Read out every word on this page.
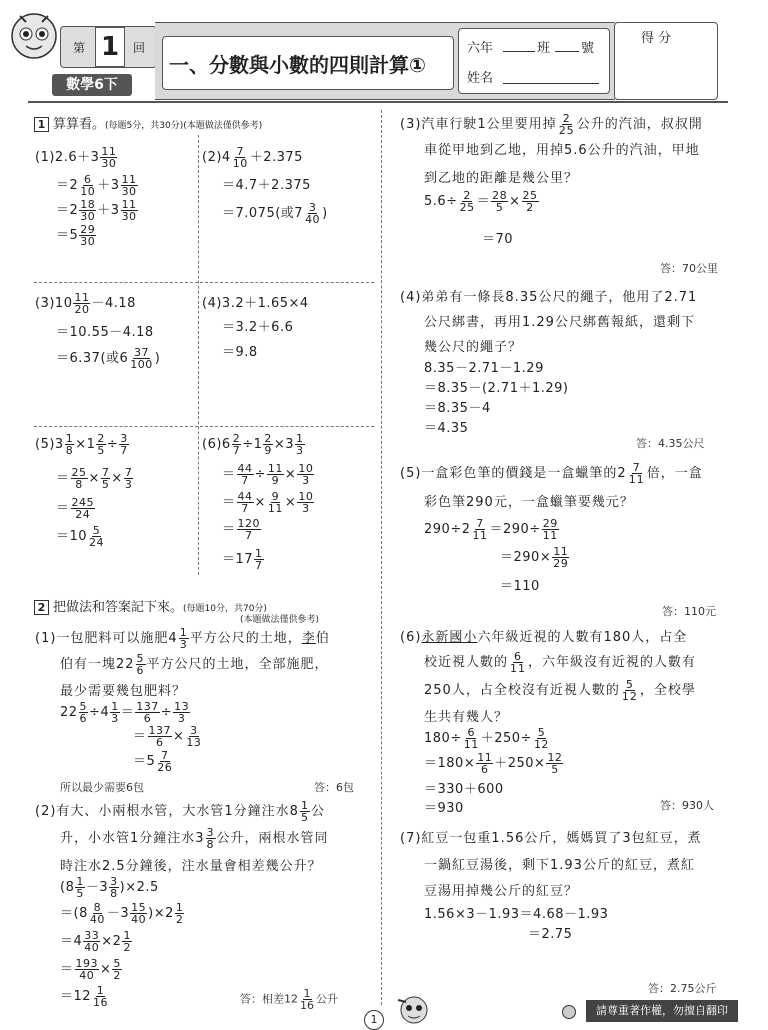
第 1	回
數學6下
一、分數與小數的四則計算①
六年	班 號
姓名
得 分
1 算算看。(每題5分，共30分)(本題做法僅供參考)
$(1)2.6+3 \frac{11}{30}$
$=2 \frac{6}{10} +3 \frac{11}{30}$
$=2 \frac{18}{30} +3 \frac{11}{30}$
$=5 \frac{29}{30}$
$(2)4 \frac{7}{10} +2.375$
＝4.7＋2.375
＝7.075(或$7 \frac{3}{40}$ )
$(3)10 \frac{11}{20} -4.18$
＝10.55－4.18
＝6.37(或$6 \frac{37}{100}$ )
(4)3.2＋1.65×4
＝3.2＋6.6
＝9.8
$(5)3 \frac{1}{8} \times 1 \frac{2}{5} \div \frac{3}{7}$
＝ $\frac{25}{8} \times \frac{7}{5} \times \frac{7}{3}$
＝ $\frac{245}{24}$
$=10 \frac{5}{24}$
$(6)6 \frac{2}{7} \div 1 \frac{2}{9} \times 3 \frac{1}{3}$
＝ $\frac{44}{7} \div \frac{11}{9} \times \frac{10}{3}$
＝ $\frac{44}{7} \times \frac{9}{11} \times \frac{10}{3}$
＝ $\frac{120}{7}$
$=17 \frac{1}{7}$
2 把做法和答案記下來。(每題10分，共70分)
(本題做法僅供參考)
(1)一包肥料可以施肥$4 \frac{1}{3}$ 平方公尺的土地，李伯
伯有一塊$22 \frac{5}{6}$ 平方公尺的土地，全部施肥，
最少需要幾包肥料？
$22 \frac{5}{6} \div 4 \frac{1}{3} = \frac{137}{6} \div \frac{13}{3}$
＝ $\frac{137}{6} \times \frac{3}{13}$
$=5 \frac{7}{26}$
所以最少需要6包	答：6包
(2)有大、小兩根水管，大水管1分鐘注水$8 \frac{1}{5}$ 公
升，小水管1分鐘注水$3 \frac{3}{8}$ 公升，兩根水管同
時注水2.5分鐘後，注水量會相差幾公升？
$(8 \frac{1}{5} -3 \frac{3}{8} )\times 2.5$
$=(8 \frac{8}{40} -3 \frac{15}{40} )\times 2 \frac{1}{2}$
$=4 \frac{33}{40} \times 2 \frac{1}{2}$
＝ $\frac{193}{40} \times \frac{5}{2}$
$=12 \frac{1}{16}$	答：相差$12 \frac{1}{16}$ 公升
(3)汽車行駛1公里要用掉 $\frac{2}{25}$ 公升的汽油，叔叔開
車從甲地到乙地，用掉5.6公升的汽油，甲地
到乙地的距離是幾公里？
$5.6\div \frac{2}{25} = \frac{28}{5} \times \frac{25}{2}$
＝70
答：70公里
(4)弟弟有一條長8.35公尺的繩子，他用了2.71
公尺綁書，再用1.29公尺綁舊報紙，還剩下
幾公尺的繩子？
8.35－2.71－1.29
＝8.35－(2.71＋1.29)
＝8.35－4
＝4.35
答：4.35公尺
(5)一盒彩色筆的價錢是一盒蠟筆的$2 \frac{7}{11}$ 倍，一盒
彩色筆290元，一盒蠟筆要幾元？
$290\div 2 \frac{7}{11} =290\div \frac{29}{11}$
$=290\times \frac{11}{29}$
＝110
答：110元
(6)永新國小六年級近視的人數有180人，占全
校近視人數的 $\frac{6}{11}$ ，六年級沒有近視的人數有
250人，占全校沒有近視人數的 $\frac{5}{12}$ ，全校學
生共有幾人？
$180\div \frac{6}{11} +250\div \frac{5}{12}$
$=180\times \frac{11}{6} +250\times \frac{12}{5}$
＝330＋600
＝930	答：930人
(7)紅豆一包重1.56公斤，媽媽買了3包紅豆，煮
一鍋紅豆湯後，剩下1.93公斤的紅豆，煮紅
豆湯用掉幾公斤的紅豆？
1.56×3－1.93＝4.68－1.93
＝2.75
答：2.75公斤
1
請尊重著作權，勿擅自翻印
